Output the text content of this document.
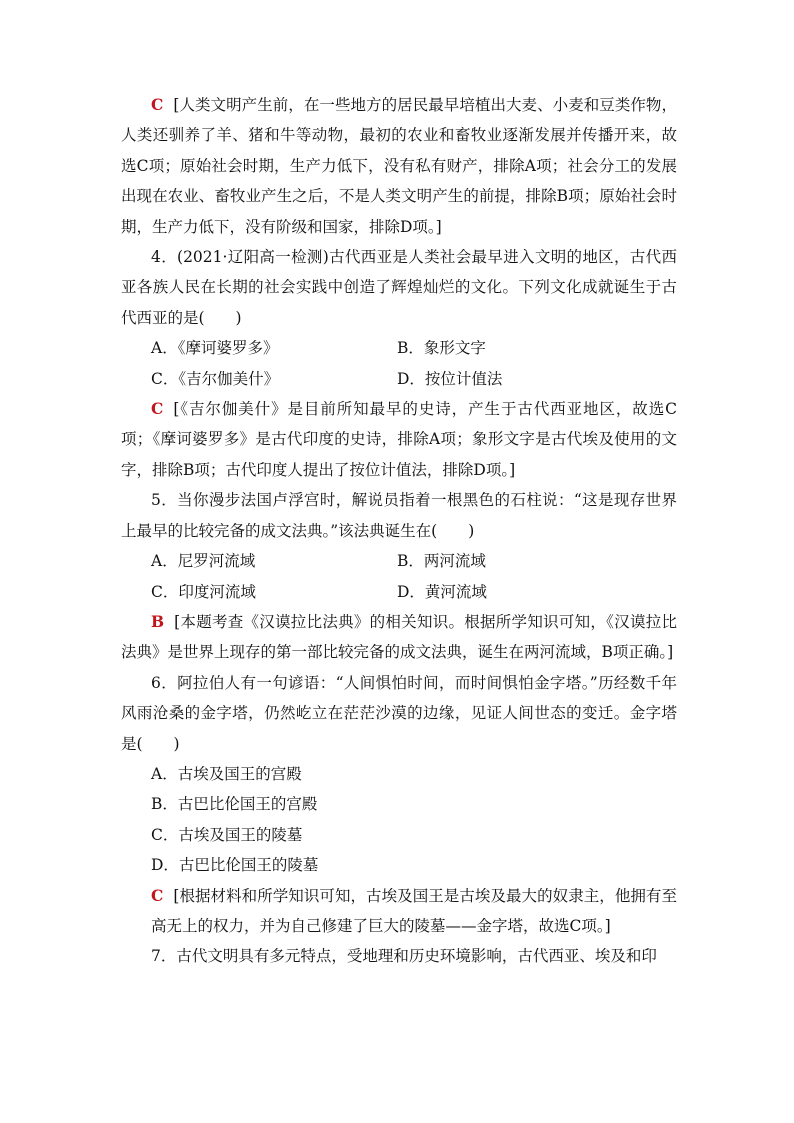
C [人类文明产生前，在一些地方的居民最早培植出大麦、小麦和豆类作物，人类还驯养了羊、猪和牛等动物，最初的农业和畜牧业逐渐发展并传播开来，故选C项；原始社会时期，生产力低下，没有私有财产，排除A项；社会分工的发展出现在农业、畜牧业产生之后，不是人类文明产生的前提，排除B项；原始社会时期，生产力低下，没有阶级和国家，排除D项。]

4．(2021·辽阳高一检测)古代西亚是人类社会最早进入文明的地区，古代西亚各族人民在长期的社会实践中创造了辉煌灿烂的文化。下列文化成就诞生于古代西亚的是(　　)

A．《摩诃婆罗多》	B．象形文字
C．《吉尔伽美什》	D．按位计值法

C [《吉尔伽美什》是目前所知最早的史诗，产生于古代西亚地区，故选C项；《摩诃婆罗多》是古代印度的史诗，排除A项；象形文字是古代埃及使用的文字，排除B项；古代印度人提出了按位计值法，排除D项。]

5．当你漫步法国卢浮宫时，解说员指着一根黑色的石柱说：“这是现存世界上最早的比较完备的成文法典。”该法典诞生在(　　)

A．尼罗河流域	B．两河流域
C．印度河流域	D．黄河流域

B [本题考查《汉谟拉比法典》的相关知识。根据所学知识可知，《汉谟拉比法典》是世界上现存的第一部比较完备的成文法典，诞生在两河流域，B项正确。]

6．阿拉伯人有一句谚语：“人间惧怕时间，而时间惧怕金字塔。”历经数千年风雨沧桑的金字塔，仍然屹立在茫茫沙漠的边缘，见证人间世态的变迁。金字塔是(　　)

A．古埃及国王的宫殿
B．古巴比伦国王的宫殿
C．古埃及国王的陵墓
D．古巴比伦国王的陵墓

C [根据材料和所学知识可知，古埃及国王是古埃及最大的奴隶主，他拥有至高无上的权力，并为自己修建了巨大的陵墓——金字塔，故选C项。]

7．古代文明具有多元特点，受地理和历史环境影响，古代西亚、埃及和印
